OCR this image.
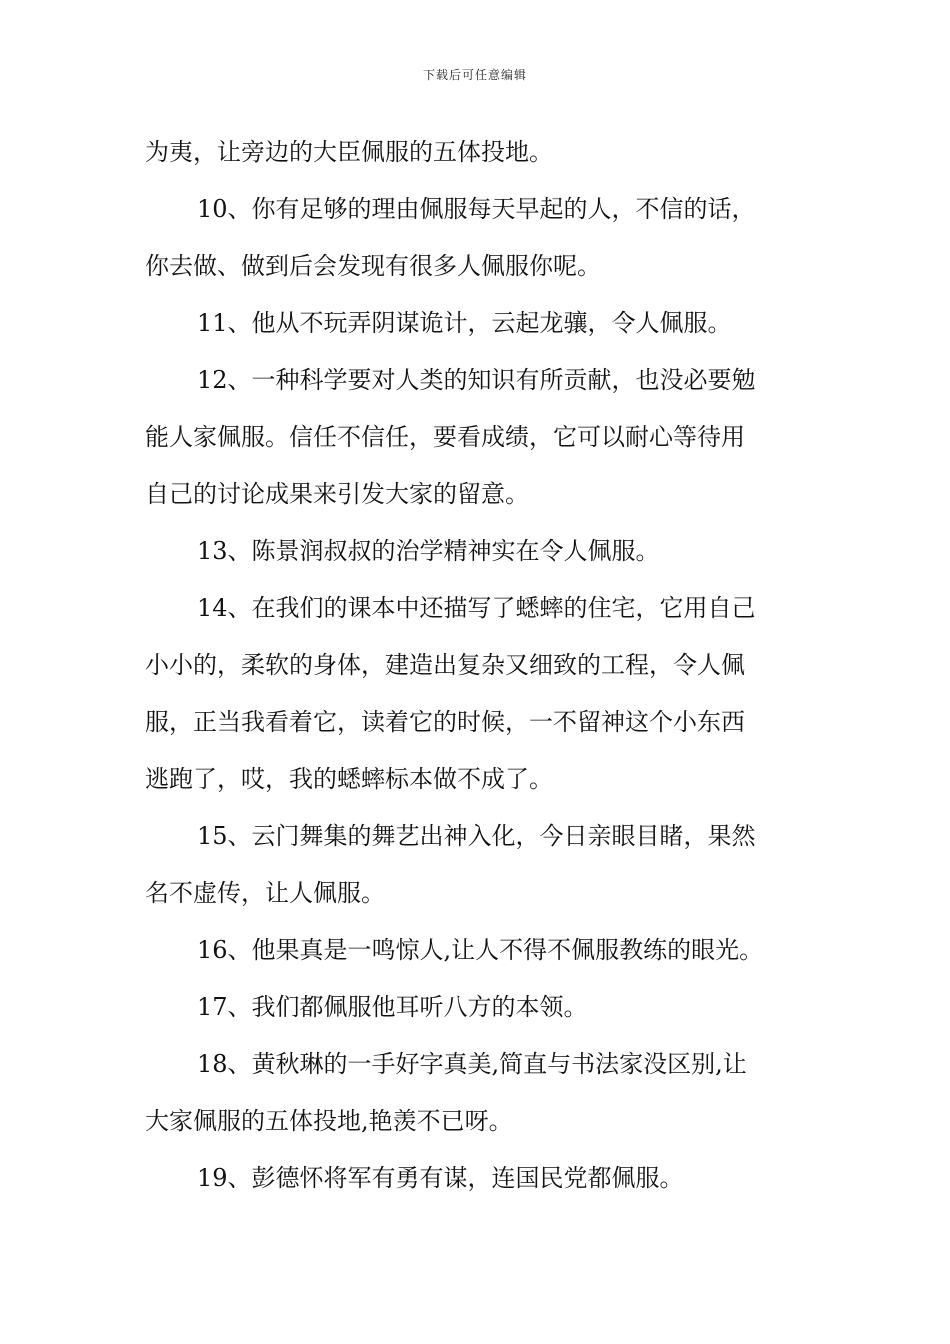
下载后可任意编辑
为夷，让旁边的大臣佩服的五体投地。
10、你有足够的理由佩服每天早起的人，不信的话，
你去做、做到后会发现有很多人佩服你呢。
11、他从不玩弄阴谋诡计，云起龙骧，令人佩服。
12、一种科学要对人类的知识有所贡献，也没必要勉
能人家佩服。信任不信任，要看成绩，它可以耐心等待用
自己的讨论成果来引发大家的留意。
13、陈景润叔叔的治学精神实在令人佩服。
14、在我们的课本中还描写了蟋蟀的住宅，它用自己
小小的，柔软的身体，建造出复杂又细致的工程，令人佩
服，正当我看着它，读着它的时候，一不留神这个小东西
逃跑了，哎，我的蟋蟀标本做不成了。
15、云门舞集的舞艺出神入化，今日亲眼目睹，果然
名不虚传，让人佩服。
16、他果真是一鸣惊人,让人不得不佩服教练的眼光。
17、我们都佩服他耳听八方的本领。
18、黄秋琳的一手好字真美,简直与书法家没区别,让
大家佩服的五体投地,艳羡不已呀。
19、彭德怀将军有勇有谋，连国民党都佩服。
